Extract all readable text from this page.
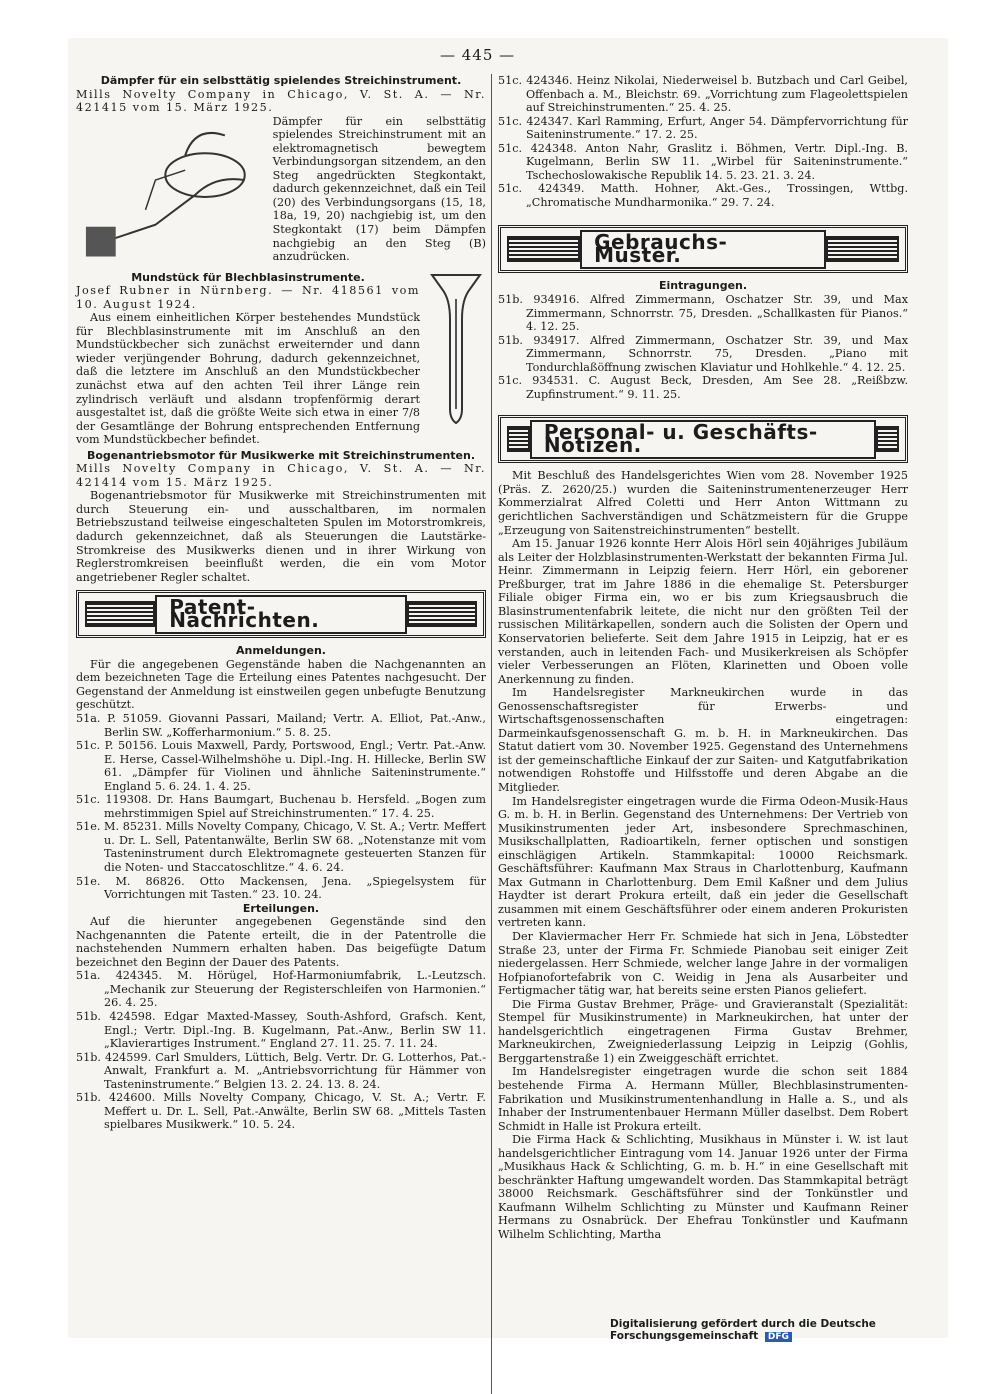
— 445 —

Dämpfer für ein selbsttätig spielendes Streichinstrument.

Mills Novelty Company in Chicago, V. St. A. — Nr. 421415 vom 15. März 1925.

Dämpfer für ein selbsttätig spielendes Streichinstrument mit an elektromagnetisch bewegtem Verbindungsorgan sitzendem, an den Steg angedrückten Stegkontakt, dadurch gekennzeichnet, daß ein Teil (20) des Verbindungsorgans (15, 18, 18a, 19, 20) nachgiebig ist, um den Stegkontakt (17) beim Dämpfen nachgiebig an den Steg (B) anzudrücken.

Mundstück für Blechblasinstrumente.

Josef Rubner in Nürnberg. — Nr. 418561 vom 10. August 1924.

Aus einem einheitlichen Körper bestehendes Mundstück für Blechblasinstrumente mit im Anschluß an den Mundstückbecher sich zunächst erweiternder und dann wieder verjüngender Bohrung, dadurch gekennzeichnet, daß die letztere im Anschluß an den Mundstückbecher zunächst etwa auf den achten Teil ihrer Länge rein zylindrisch verläuft und alsdann tropfenförmig derart ausgestaltet ist, daß die größte Weite sich etwa in einer 7/8 der Gesamtlänge der Bohrung entsprechenden Entfernung vom Mundstückbecher befindet.

Bogenantriebsmotor für Musikwerke mit Streichinstrumenten.

Mills Novelty Company in Chicago, V. St. A. — Nr. 421414 vom 15. März 1925.

Bogenantriebsmotor für Musikwerke mit Streichinstrumenten mit durch Steuerung ein- und ausschaltbaren, im normalen Betriebszustand teilweise eingeschalteten Spulen im Motorstromkreis, dadurch gekennzeichnet, daß als Steuerungen die Lautstärke-Stromkreise des Musikwerks dienen und in ihrer Wirkung von Reglerstromkreisen beeinflußt werden, die ein vom Motor angetriebener Regler schaltet.

Patent-Nachrichten.

Anmeldungen.

Für die angegebenen Gegenstände haben die Nachgenannten an dem bezeichneten Tage die Erteilung eines Patentes nachgesucht. Der Gegenstand der Anmeldung ist einstweilen gegen unbefugte Benutzung geschützt.

51a. P. 51059. Giovanni Passari, Mailand; Vertr. A. Elliot, Pat.-Anw., Berlin SW. „Kofferharmonium.“ 5. 8. 25.

51c. P. 50156. Louis Maxwell, Pardy, Portswood, Engl.; Vertr. Pat.-Anw. E. Herse, Cassel-Wilhelmshöhe u. Dipl.-Ing. H. Hillecke, Berlin SW 61. „Dämpfer für Violinen und ähnliche Saiteninstrumente.“ England 5. 6. 24. 1. 4. 25.

51c. 119308. Dr. Hans Baumgart, Buchenau b. Hersfeld. „Bogen zum mehrstimmigen Spiel auf Streichinstrumenten.“ 17. 4. 25.

51e. M. 85231. Mills Novelty Company, Chicago, V. St. A.; Vertr. Meffert u. Dr. L. Sell, Patentanwälte, Berlin SW 68. „Notenstanze mit vom Tasteninstrument durch Elektromagnete gesteuerten Stanzen für die Noten- und Staccatoschlitze.“ 4. 6. 24.

51e. M. 86826. Otto Mackensen, Jena. „Spiegelsystem für Vorrichtungen mit Tasten.“ 23. 10. 24.

Erteilungen.

Auf die hierunter angegebenen Gegenstände sind den Nachgenannten die Patente erteilt, die in der Patentrolle die nachstehenden Nummern erhalten haben. Das beigefügte Datum bezeichnet den Beginn der Dauer des Patents.

51a. 424345. M. Hörügel, Hof-Harmoniumfabrik, L.-Leutzsch. „Mechanik zur Steuerung der Registerschleifen von Harmonien.“ 26. 4. 25.

51b. 424598. Edgar Maxted-Massey, South-Ashford, Grafsch. Kent, Engl.; Vertr. Dipl.-Ing. B. Kugelmann, Pat.-Anw., Berlin SW 11. „Klavierartiges Instrument.“ England 27. 11. 25. 7. 11. 24.

51b. 424599. Carl Smulders, Lüttich, Belg. Vertr. Dr. G. Lotterhos, Pat.-Anwalt, Frankfurt a. M. „Antriebsvorrichtung für Hämmer von Tasteninstrumente.“ Belgien 13. 2. 24. 13. 8. 24.

51b. 424600. Mills Novelty Company, Chicago, V. St. A.; Vertr. F. Meffert u. Dr. L. Sell, Pat.-Anwälte, Berlin SW 68. „Mittels Tasten spielbares Musikwerk.“ 10. 5. 24.

51c. 424346. Heinz Nikolai, Niederweisel b. Butzbach und Carl Geibel, Offenbach a. M., Bleichstr. 69. „Vorrichtung zum Flageolettspielen auf Streichinstrumenten.“ 25. 4. 25.

51c. 424347. Karl Ramming, Erfurt, Anger 54. Dämpfervorrichtung für Saiteninstrumente.“ 17. 2. 25.

51c. 424348. Anton Nahr, Graslitz i. Böhmen, Vertr. Dipl.-Ing. B. Kugelmann, Berlin SW 11. „Wirbel für Saiteninstrumente.“ Tschechoslowakische Republik 14. 5. 23. 21. 3. 24.

51c. 424349. Matth. Hohner, Akt.-Ges., Trossingen, Wttbg. „Chromatische Mundharmonika.“ 29. 7. 24.

Gebrauchs-Muster.

Eintragungen.

51b. 934916. Alfred Zimmermann, Oschatzer Str. 39, und Max Zimmermann, Schnorrstr. 75, Dresden. „Schallkasten für Pianos.“ 4. 12. 25.

51b. 934917. Alfred Zimmermann, Oschatzer Str. 39, und Max Zimmermann, Schnorrstr. 75, Dresden. „Piano mit Tondurchlaßöffnung zwischen Klaviatur und Hohlkehle.“ 4. 12. 25.

51c. 934531. C. August Beck, Dresden, Am See 28. „Reißbzw. Zupfinstrument.“ 9. 11. 25.

Personal- u. Geschäfts-Notizen.

Mit Beschluß des Handelsgerichtes Wien vom 28. November 1925 (Präs. Z. 2620/25.) wurden die Saiteninstrumentenerzeuger Herr Kommerzialrat Alfred Coletti und Herr Anton Wittmann zu gerichtlichen Sachverständigen und Schätzmeistern für die Gruppe „Erzeugung von Saitenstreichinstrumenten“ bestellt.

Am 15. Januar 1926 konnte Herr Alois Hörl sein 40jähriges Jubiläum als Leiter der Holzblasinstrumenten-Werkstatt der bekannten Firma Jul. Heinr. Zimmermann in Leipzig feiern. Herr Hörl, ein geborener Preßburger, trat im Jahre 1886 in die ehemalige St. Petersburger Filiale obiger Firma ein, wo er bis zum Kriegsausbruch die Blasinstrumentenfabrik leitete, die nicht nur den größten Teil der russischen Militärkapellen, sondern auch die Solisten der Opern und Konservatorien belieferte. Seit dem Jahre 1915 in Leipzig, hat er es verstanden, auch in leitenden Fach- und Musikerkreisen als Schöpfer vieler Verbesserungen an Flöten, Klarinetten und Oboen volle Anerkennung zu finden.

Im Handelsregister Markneukirchen wurde in das Genossenschaftsregister für Erwerbs- und Wirtschaftsgenossenschaften eingetragen: Darmeinkaufsgenossenschaft G. m. b. H. in Markneukirchen. Das Statut datiert vom 30. November 1925. Gegenstand des Unternehmens ist der gemeinschaftliche Einkauf der zur Saiten- und Katgutfabrikation notwendigen Rohstoffe und Hilfsstoffe und deren Abgabe an die Mitglieder.

Im Handelsregister eingetragen wurde die Firma Odeon-Musik-Haus G. m. b. H. in Berlin. Gegenstand des Unternehmens: Der Vertrieb von Musikinstrumenten jeder Art, insbesondere Sprechmaschinen, Musikschallplatten, Radioartikeln, ferner optischen und sonstigen einschlägigen Artikeln. Stammkapital: 10000 Reichsmark. Geschäftsführer: Kaufmann Max Straus in Charlottenburg, Kaufmann Max Gutmann in Charlottenburg. Dem Emil Kaßner und dem Julius Haydter ist derart Prokura erteilt, daß ein jeder die Gesellschaft zusammen mit einem Geschäftsführer oder einem anderen Prokuristen vertreten kann.

Der Klaviermacher Herr Fr. Schmiede hat sich in Jena, Löbstedter Straße 23, unter der Firma Fr. Schmiede Pianobau seit einiger Zeit niedergelassen. Herr Schmiede, welcher lange Jahre in der vormaligen Hofpianofortefabrik von C. Weidig in Jena als Ausarbeiter und Fertigmacher tätig war, hat bereits seine ersten Pianos geliefert.

Die Firma Gustav Brehmer, Präge- und Gravieranstalt (Spezialität: Stempel für Musikinstrumente) in Markneukirchen, hat unter der handelsgerichtlich eingetragenen Firma Gustav Brehmer, Markneukirchen, Zweigniederlassung Leipzig in Leipzig (Gohlis, Berggartenstraße 1) ein Zweiggeschäft errichtet.

Im Handelsregister eingetragen wurde die schon seit 1884 bestehende Firma A. Hermann Müller, Blechblasinstrumenten-Fabrikation und Musikinstrumentenhandlung in Halle a. S., und als Inhaber der Instrumentenbauer Hermann Müller daselbst. Dem Robert Schmidt in Halle ist Prokura erteilt.

Die Firma Hack & Schlichting, Musikhaus in Münster i. W. ist laut handelsgerichtlicher Eintragung vom 14. Januar 1926 unter der Firma „Musikhaus Hack & Schlichting, G. m. b. H.“ in eine Gesellschaft mit beschränkter Haftung umgewandelt worden. Das Stammkapital beträgt 38000 Reichsmark. Geschäftsführer sind der Tonkünstler und Kaufmann Wilhelm Schlichting zu Münster und Kaufmann Reiner Hermans zu Osnabrück. Der Ehefrau Tonkünstler und Kaufmann Wilhelm Schlichting, Martha

Digitalisierung gefördert durch die Deutsche Forschungsgemeinschaft DFG
